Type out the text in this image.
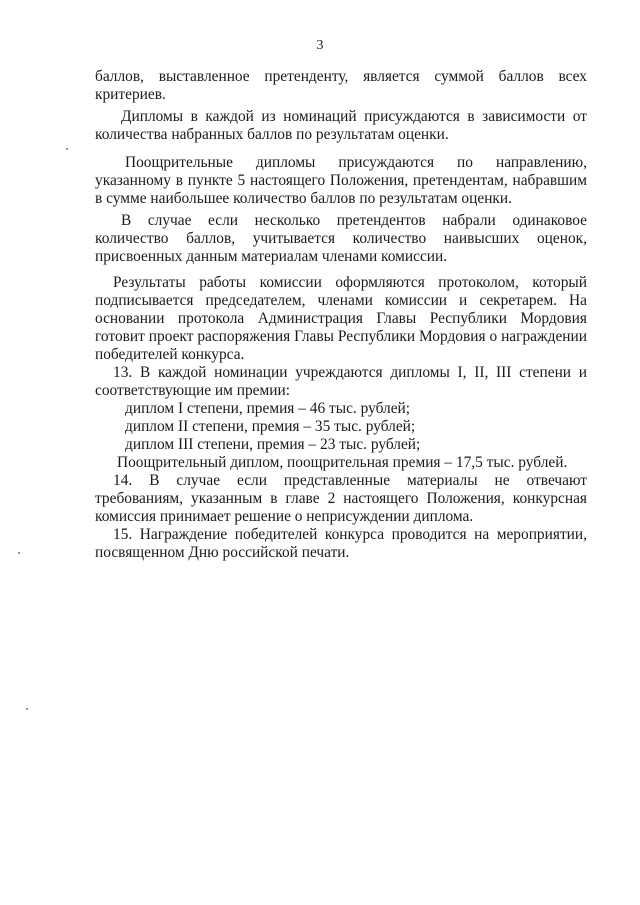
3
баллов, выставленное претенденту, является суммой баллов всех
критериев.
Дипломы в каждой из номинаций присуждаются в зависимости от
количества набранных баллов по результатам оценки.
Поощрительные дипломы присуждаются по направлению,
указанному в пункте 5 настоящего Положения, претендентам, набравшим
в сумме наибольшее количество баллов по результатам оценки.
В случае если несколько претендентов набрали одинаковое
количество баллов, учитывается количество наивысших оценок,
присвоенных данным материалам членами комиссии.
Результаты работы комиссии оформляются протоколом, который
подписывается председателем, членами комиссии и секретарем. На
основании протокола Администрация Главы Республики Мордовия
готовит проект распоряжения Главы Республики Мордовия о награждении
победителей конкурса.
13. В каждой номинации учреждаются дипломы I, II, III степени и
соответствующие им премии:
диплом I степени, премия – 46 тыс. рублей;
диплом II степени, премия – 35 тыс. рублей;
диплом III степени, премия – 23 тыс. рублей;
Поощрительный диплом, поощрительная премия – 17,5 тыс. рублей.
14. В случае если представленные материалы не отвечают
требованиям, указанным в главе 2 настоящего Положения, конкурсная
комиссия принимает решение о неприсуждении диплома.
15. Награждение победителей конкурса проводится на мероприятии,
посвященном Дню российской печати.
